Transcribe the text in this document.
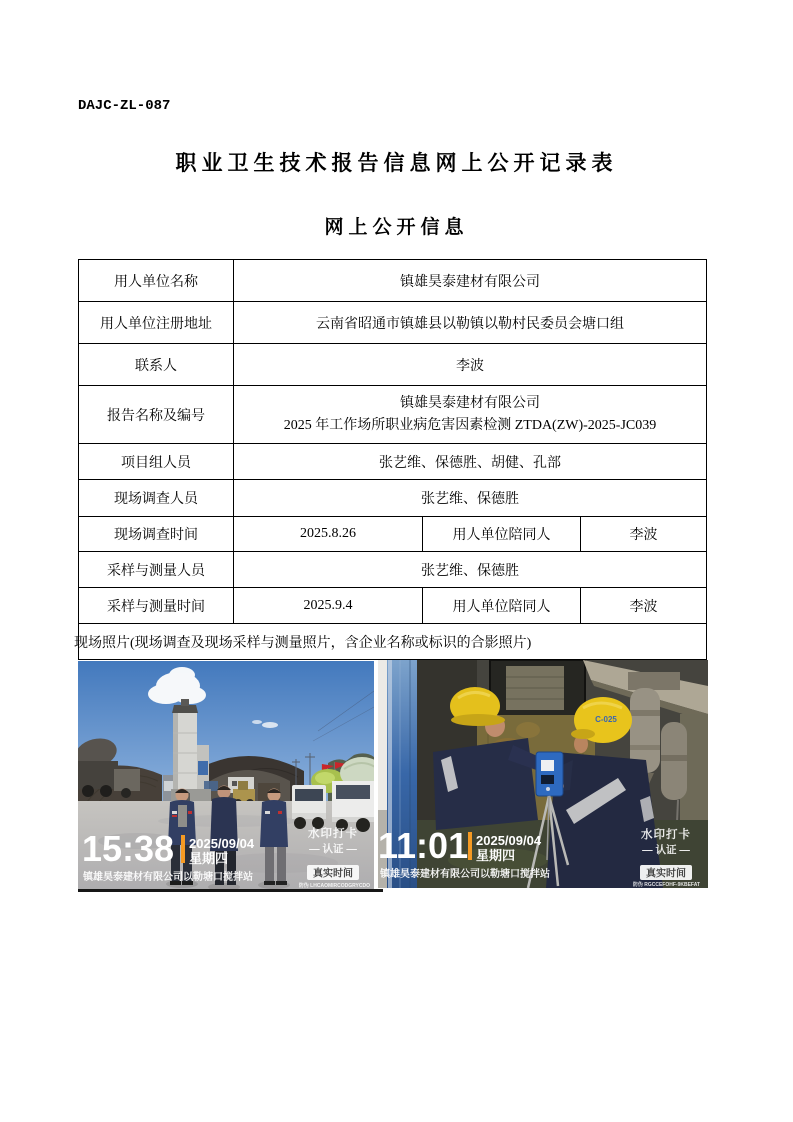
DAJC-ZL-087
职业卫生技术报告信息网上公开记录表
网上公开信息
用人单位名称	镇雄昊泰建材有限公司		
用人单位注册地址	云南省昭通市镇雄县以勒镇以勒村民委员会塘口组		
联系人	李波		
报告名称及编号	镇雄昊泰建材有限公司
2025 年工作场所职业病危害因素检测 ZTDA(ZW)-2025-JC039		

项目组人员	张艺维、保德胜、胡健、孔部		
现场调查人员	张艺维、保德胜		
现场调查时间	2025.8.26	用人单位陪同人	李波
采样与测量人员	张艺维、保德胜		
采样与测量时间	2025.9.4	用人单位陪同人	李波
现场照片(现场调查及现场采样与测量照片，含企业名称或标识的合影照片)			
15:38 2025/09/04
星期四
镇雄昊泰建材有限公司以勒塘口搅拌站
水印打卡
— 认证 —
真实时间
防伪 LHCAOMIRCODGRYCDO
C-025
11:01 2025/09/04
星期四
镇雄昊泰建材有限公司以勒塘口搅拌站
水印打卡
— 认证 —
真实时间
防伪 RGCCEFOHF-9KBEFAT
